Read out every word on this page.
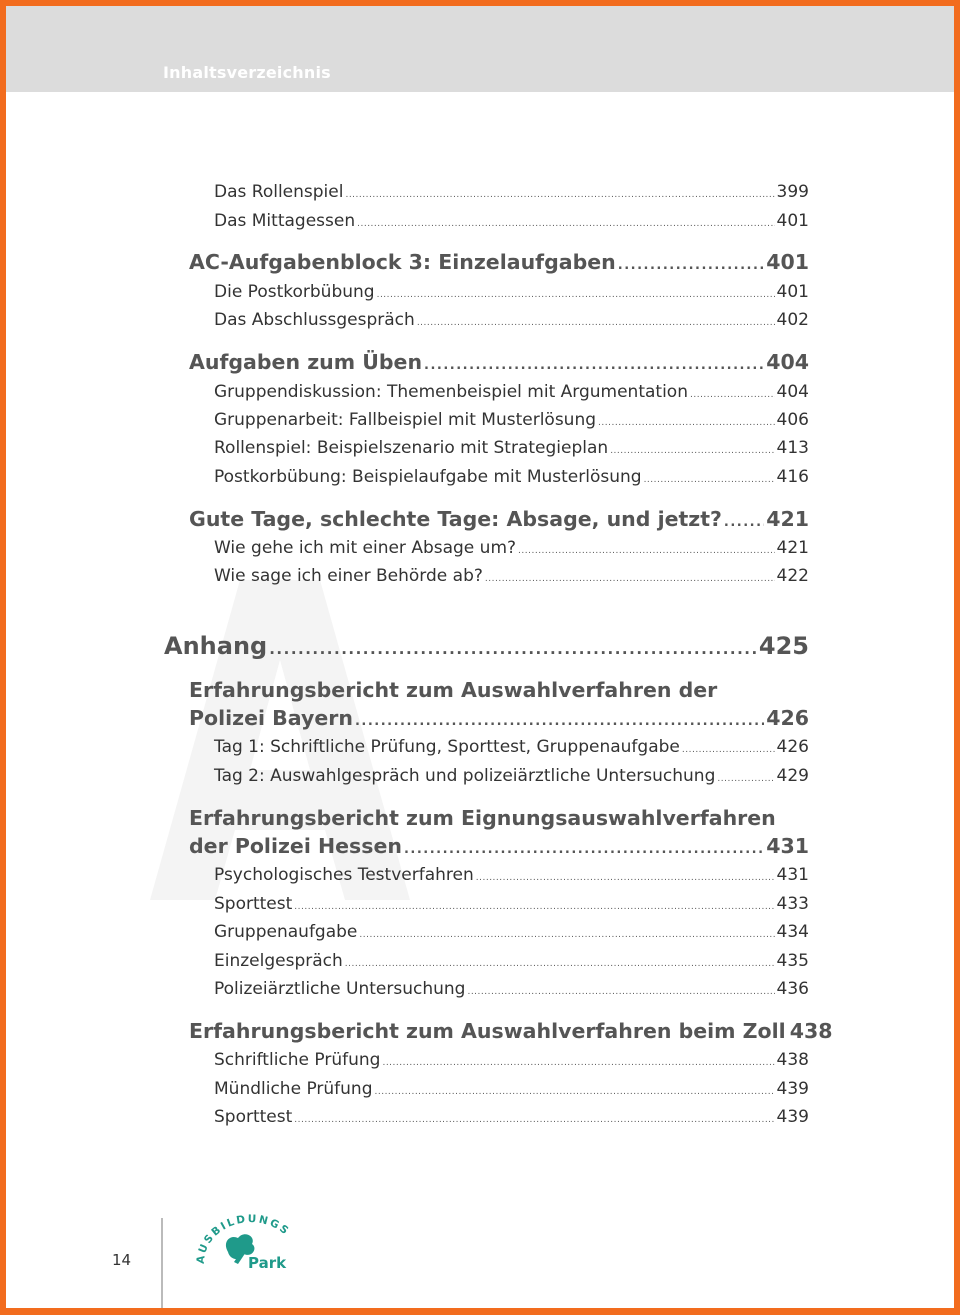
Inhaltsverzeichnis
Das Rollenspiel .....	399
Das Mittagessen .....	401
AC-Aufgabenblock 3: Einzelaufgaben .....	401
Die Postkorbübung .....	401
Das Abschlussgespräch .....	402
Aufgaben zum Üben .....	404
Gruppendiskussion: Themenbeispiel mit Argumentation .....	404
Gruppenarbeit: Fallbeispiel mit Musterlösung .....	406
Rollenspiel: Beispielszenario mit Strategieplan .....	413
Postkorbübung: Beispielaufgabe mit Musterlösung .....	416
Gute Tage, schlechte Tage: Absage, und jetzt? ..... 421
Wie gehe ich mit einer Absage um? .....	421
Wie sage ich einer Behörde ab? .....	422
Anhang .....	425
Erfahrungsbericht zum Auswahlverfahren der
Polizei Bayern .....	426
Tag 1: Schriftliche Prüfung, Sporttest, Gruppenaufgabe .....	426
Tag 2: Auswahlgespräch und polizeiärztliche Untersuchung .....	429
Erfahrungsbericht zum Eignungsauswahlverfahren
der Polizei Hessen .....	431
Psychologisches Testverfahren .....	431
Sporttest .....	433
Gruppenaufgabe .....	434
Einzelgespräch .....	435
Polizeiärztliche Untersuchung .....	436
Erfahrungsbericht zum Auswahlverfahren beim Zoll 438
Schriftliche Prüfung .....	438
Mündliche Prüfung .....	439
Sporttest .....	439
14	AUSBILDUNGS
Park
